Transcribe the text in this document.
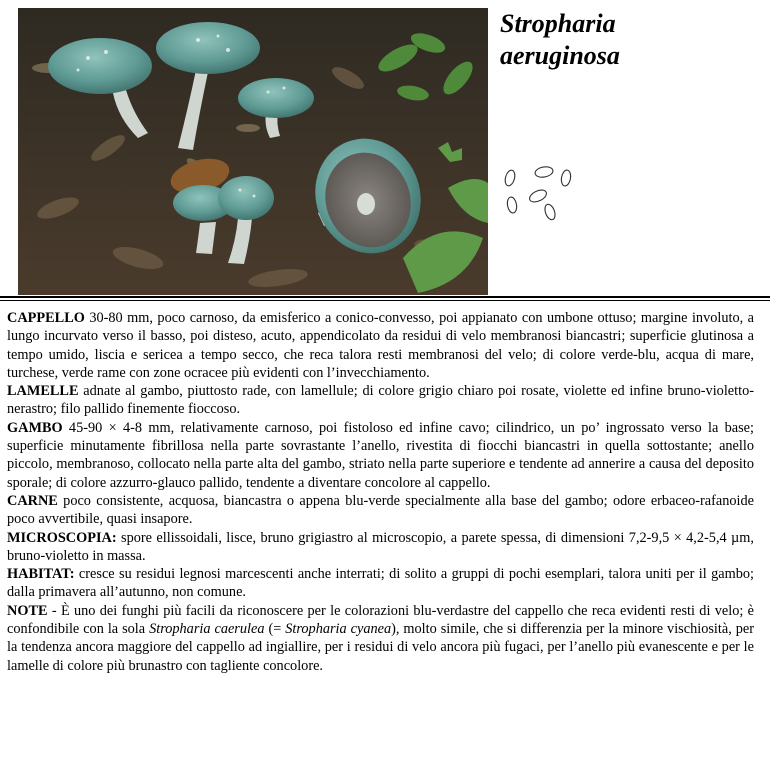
Stropharia
aeruginosa

CAPPELLO 30-80 mm, poco carnoso, da emisferico a conico-convesso, poi appianato con umbone ottuso; margine involuto, a lungo incurvato verso il basso, poi disteso, acuto, appendicolato da residui di velo membranosi biancastri; superficie glutinosa a tempo umido, liscia e sericea a tempo secco, che reca talora resti membranosi del velo; di colore verde-blu, acqua di mare, turchese, verde rame con zone ocracee più evidenti con l’invecchiamento.

LAMELLE adnate al gambo, piuttosto rade, con lamellule; di colore grigio chiaro poi rosate, violette ed infine bruno-violetto-nerastro; filo pallido finemente fioccoso.

GAMBO 45-90 × 4-8 mm, relativamente carnoso, poi fistoloso ed infine cavo; cilindrico, un po’ ingrossato verso la base; superficie minutamente fibrillosa nella parte sovrastante l’anello, rivestita di fiocchi biancastri in quella sottostante; anello piccolo, membranoso, collocato nella parte alta del gambo, striato nella parte superiore e tendente ad annerire a causa del deposito sporale; di colore azzurro-glauco pallido, tendente a diventare concolore al cappello.

CARNE poco consistente, acquosa, biancastra o appena blu-verde specialmente alla base del gambo; odore erbaceo-rafanoide poco avvertibile, quasi insapore.

MICROSCOPIA: spore ellissoidali, lisce, bruno grigiastro al microscopio, a parete spessa, di dimensioni 7,2-9,5 × 4,2-5,4 µm, bruno-violetto in massa.

HABITAT: cresce su residui legnosi marcescenti anche interrati; di solito a gruppi di pochi esemplari, talora uniti per il gambo; dalla primavera all’autunno, non comune.

NOTE - È uno dei funghi più facili da riconoscere per le colorazioni blu-verdastre del cappello che reca evidenti resti di velo; è confondibile con la sola Stropharia caerulea (= Stropharia cyanea), molto simile, che si differenzia per la minore vischiosità, per la tendenza ancora maggiore del cappello ad ingiallire, per i residui di velo ancora più fugaci, per l’anello più evanescente e per le lamelle di colore più brunastro con tagliente concolore.
